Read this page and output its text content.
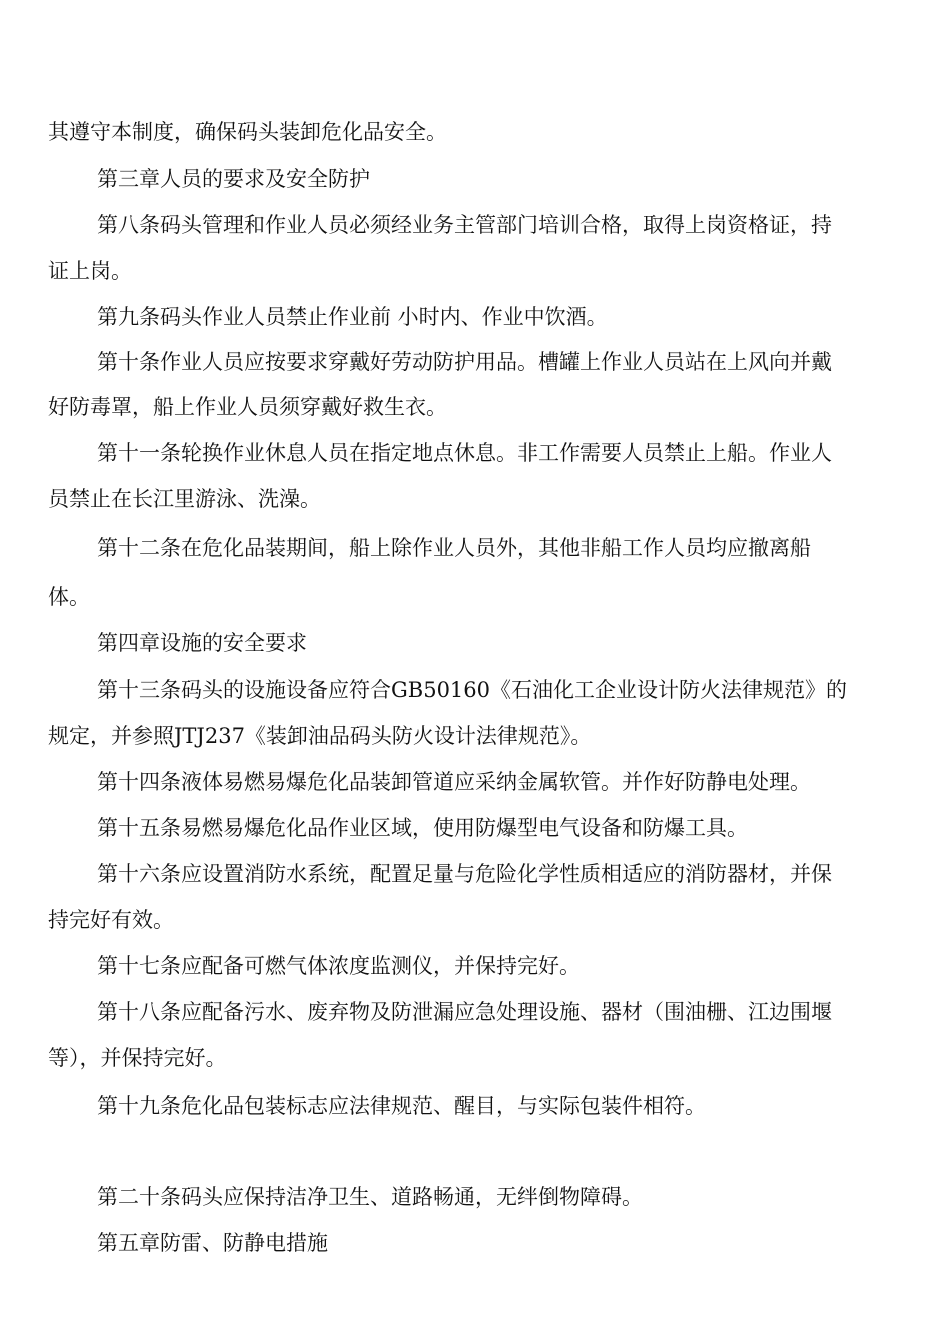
其遵守本制度，确保码头装卸危化品安全。
第三章人员的要求及安全防护
第八条码头管理和作业人员必须经业务主管部门培训合格，取得上岗资格证，持
证上岗。
第九条码头作业人员禁止作业前 小时内、作业中饮酒。
第十条作业人员应按要求穿戴好劳动防护用品。槽罐上作业人员站在上风向并戴
好防毒罩，船上作业人员须穿戴好救生衣。
第十一条轮换作业休息人员在指定地点休息。非工作需要人员禁止上船。作业人
员禁止在长江里游泳、洗澡。
第十二条在危化品装期间，船上除作业人员外，其他非船工作人员均应撤离船
体。
第四章设施的安全要求
第十三条码头的设施设备应符合GB50160《石油化工企业设计防火法律规范》的
规定，并参照JTJ237《装卸油品码头防火设计法律规范》。
第十四条液体易燃易爆危化品装卸管道应采纳金属软管。并作好防静电处理。
第十五条易燃易爆危化品作业区域，使用防爆型电气设备和防爆工具。
第十六条应设置消防水系统，配置足量与危险化学性质相适应的消防器材，并保
持完好有效。
第十七条应配备可燃气体浓度监测仪，并保持完好。
第十八条应配备污水、废弃物及防泄漏应急处理设施、器材（围油栅、江边围堰
等），并保持完好。
第十九条危化品包装标志应法律规范、醒目，与实际包装件相符。
第二十条码头应保持洁净卫生、道路畅通，无绊倒物障碍。
第五章防雷、防静电措施
